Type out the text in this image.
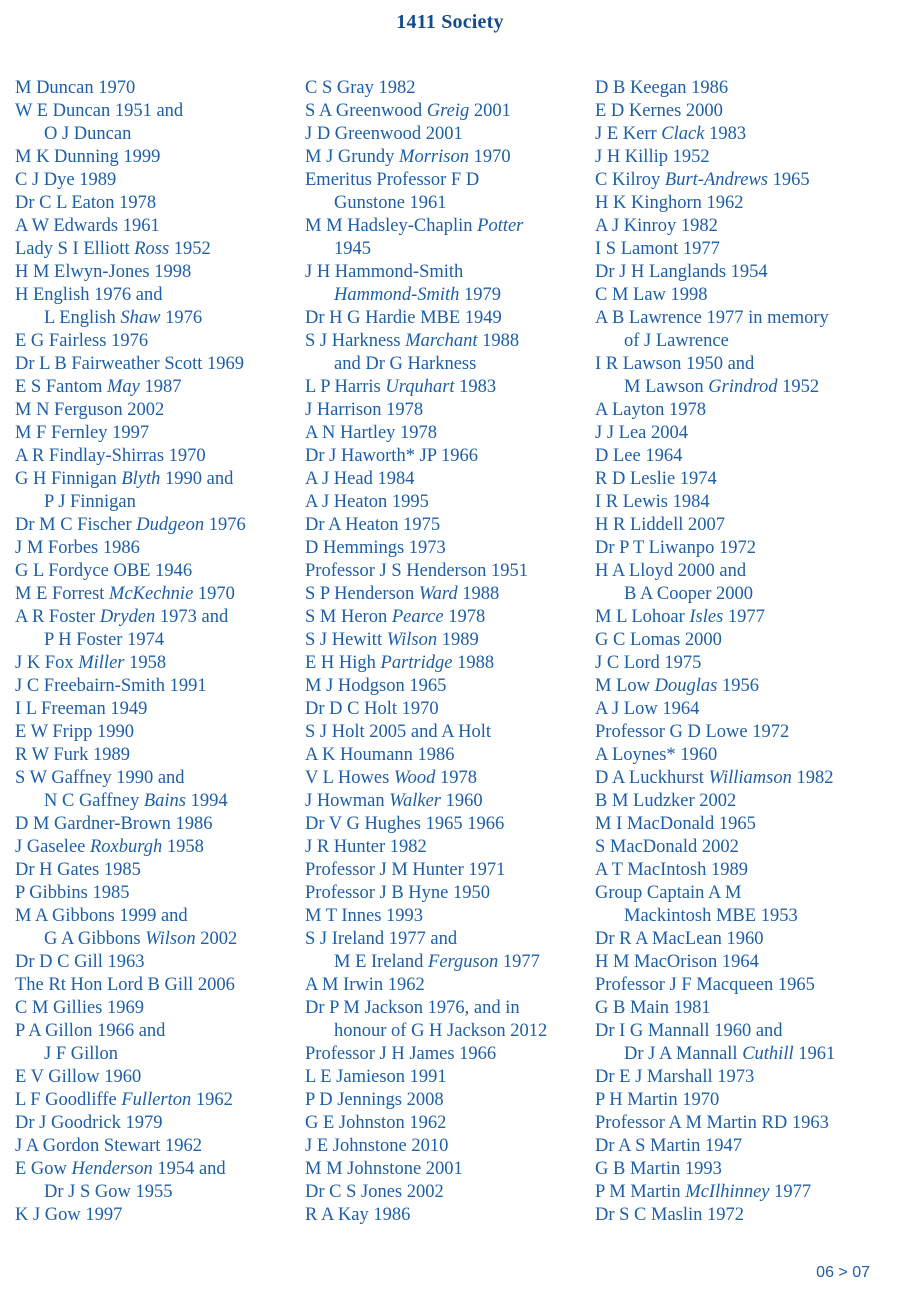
1411 Society
M Duncan 1970
W E Duncan 1951 and
O J Duncan
M K Dunning 1999
C J Dye 1989
Dr C L Eaton 1978
A W Edwards 1961
Lady S I Elliott Ross 1952
H M Elwyn-Jones 1998
H English 1976 and
L English Shaw 1976
E G Fairless 1976
Dr L B Fairweather Scott 1969
E S Fantom May 1987
M N Ferguson 2002
M F Fernley 1997
A R Findlay-Shirras 1970
G H Finnigan Blyth 1990 and
P J Finnigan
Dr M C Fischer Dudgeon 1976
J M Forbes 1986
G L Fordyce OBE 1946
M E Forrest McKechnie 1970
A R Foster Dryden 1973 and
P H Foster 1974
J K Fox Miller 1958
J C Freebairn-Smith 1991
I L Freeman 1949
E W Fripp 1990
R W Furk 1989
S W Gaffney 1990 and
N C Gaffney Bains 1994
D M Gardner-Brown 1986
J Gaselee Roxburgh 1958
Dr H Gates 1985
P Gibbins 1985
M A Gibbons 1999 and
G A Gibbons Wilson 2002
Dr D C Gill 1963
The Rt Hon Lord B Gill 2006
C M Gillies 1969
P A Gillon 1966 and
J F Gillon
E V Gillow 1960
L F Goodliffe Fullerton 1962
Dr J Goodrick 1979
J A Gordon Stewart 1962
E Gow Henderson 1954 and
Dr J S Gow 1955
K J Gow 1997
C S Gray 1982
S A Greenwood Greig 2001
J D Greenwood 2001
M J Grundy Morrison 1970
Emeritus Professor F D
Gunstone 1961
M M Hadsley-Chaplin Potter
1945
J H Hammond-Smith
Hammond-Smith 1979
Dr H G Hardie MBE 1949
S J Harkness Marchant 1988
and Dr G Harkness
L P Harris Urquhart 1983
J Harrison 1978
A N Hartley 1978
Dr J Haworth* JP 1966
A J Head 1984
A J Heaton 1995
Dr A Heaton 1975
D Hemmings 1973
Professor J S Henderson 1951
S P Henderson Ward 1988
S M Heron Pearce 1978
S J Hewitt Wilson 1989
E H High Partridge 1988
M J Hodgson 1965
Dr D C Holt 1970
S J Holt 2005 and A Holt
A K Houmann 1986
V L Howes Wood 1978
J Howman Walker 1960
Dr V G Hughes 1965 1966
J R Hunter 1982
Professor J M Hunter 1971
Professor J B Hyne 1950
M T Innes 1993
S J Ireland 1977 and
M E Ireland Ferguson 1977
A M Irwin 1962
Dr P M Jackson 1976, and in
honour of G H Jackson 2012
Professor J H James 1966
L E Jamieson 1991
P D Jennings 2008
G E Johnston 1962
J E Johnstone 2010
M M Johnstone 2001
Dr C S Jones 2002
R A Kay 1986
D B Keegan 1986
E D Kernes 2000
J E Kerr Clack 1983
J H Killip 1952
C Kilroy Burt-Andrews 1965
H K Kinghorn 1962
A J Kinroy 1982
I S Lamont 1977
Dr J H Langlands 1954
C M Law 1998
A B Lawrence 1977 in memory
of J Lawrence
I R Lawson 1950 and
M Lawson Grindrod 1952
A Layton 1978
J J Lea 2004
D Lee 1964
R D Leslie 1974
I R Lewis 1984
H R Liddell 2007
Dr P T Liwanpo 1972
H A Lloyd 2000 and
B A Cooper 2000
M L Lohoar Isles 1977
G C Lomas 2000
J C Lord 1975
M Low Douglas 1956
A J Low 1964
Professor G D Lowe 1972
A Loynes* 1960
D A Luckhurst Williamson 1982
B M Ludzker 2002
M I MacDonald 1965
S MacDonald 2002
A T MacIntosh 1989
Group Captain A M
Mackintosh MBE 1953
Dr R A MacLean 1960
H M MacOrison 1964
Professor J F Macqueen 1965
G B Main 1981
Dr I G Mannall 1960 and
Dr J A Mannall Cuthill 1961
Dr E J Marshall 1973
P H Martin 1970
Professor A M Martin RD 1963
Dr A S Martin 1947
G B Martin 1993
P M Martin McIlhinney 1977
Dr S C Maslin 1972
06 > 07
